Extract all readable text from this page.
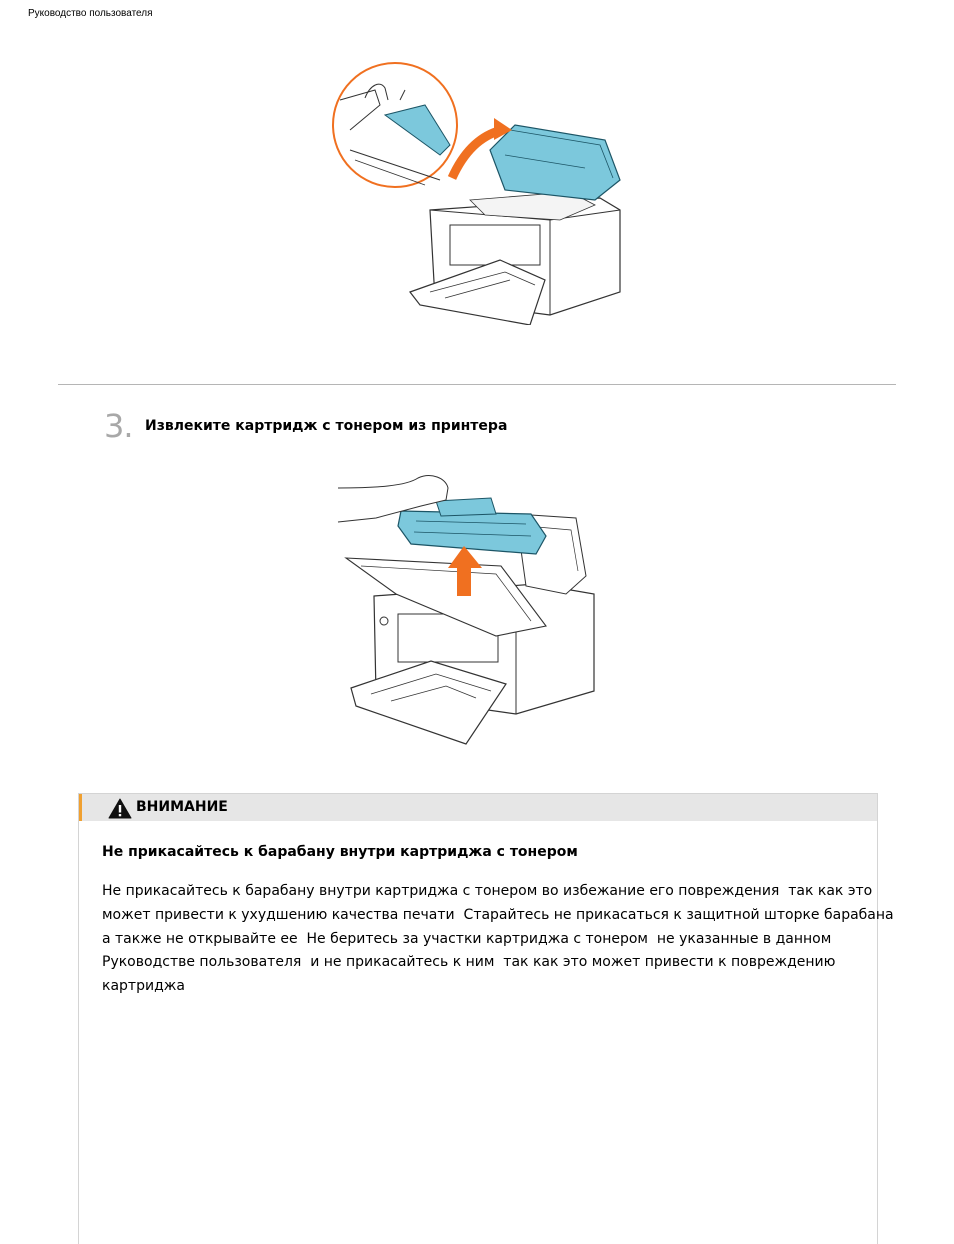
Руководство пользователя
3. Извлеките картридж с тонером из принтера
ВНИМАНИЕ
Не прикасайтесь к барабану внутри картриджа с тонером
Не прикасайтесь к барабану внутри картриджа с тонером во избежание его повреждения  так как это
может привести к ухудшению качества печати  Старайтесь не прикасаться к защитной шторке барабана
а также не открывайте ее  Не беритесь за участки картриджа с тонером  не указанные в данном
Руководстве пользователя  и не прикасайтесь к ним  так как это может привести к повреждению
картриджа
